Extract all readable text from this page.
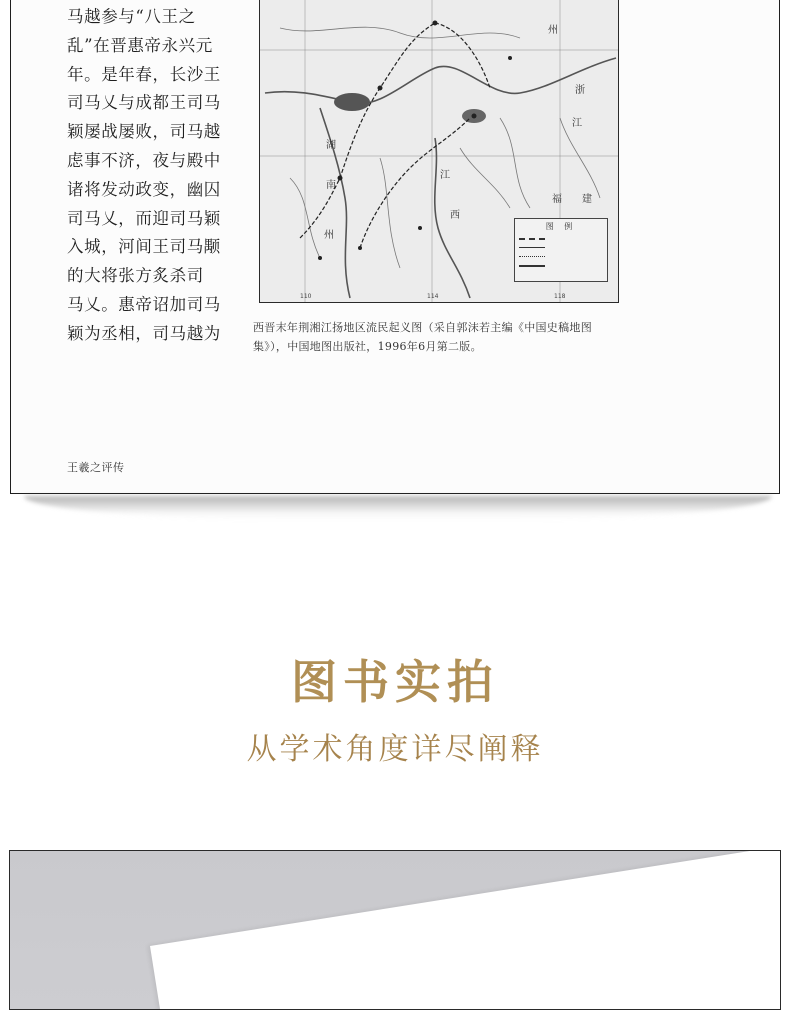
马越参与“八王之
乱”在晋惠帝永兴元
年。是年春，长沙王
司马乂与成都王司马
颖屡战屡败，司马越
虑事不济，夜与殿中
诸将发动政变，幽囚
司马乂，而迎司马颖
入城，河间王司马颙
的大将张方炙杀司
马乂。惠帝诏加司马
颖为丞相，司马越为
湖
南
江
西
州
浙
江
州
福 建
110	114	118
图 例

西晋末年荆湘江扬地区流民起义图（采自郭沫若主编《中国史稿地图集》），中国地图出版社，1996年6月第二版。

王羲之评传
图书实拍
从学术角度详尽阐释
